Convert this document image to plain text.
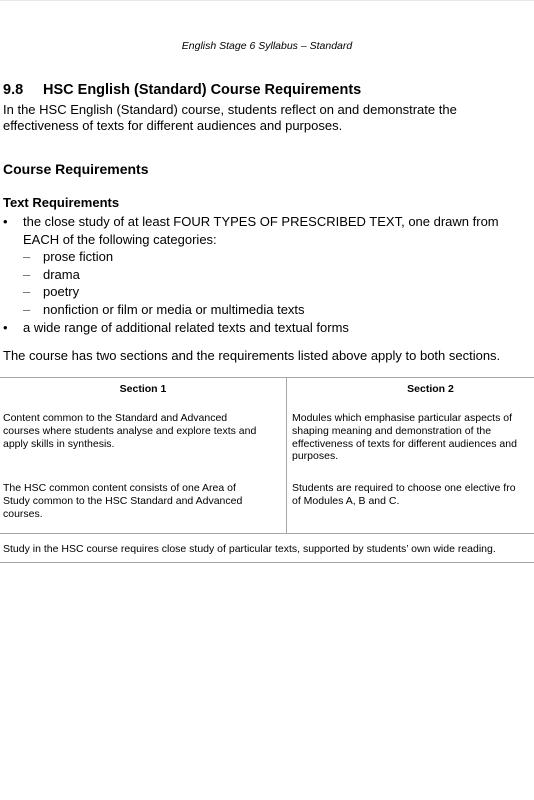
English Stage 6 Syllabus – Standard
9.8 HSC English (Standard) Course Requirements
In the HSC English (Standard) course, students reflect on and demonstrate the
effectiveness of texts for different audiences and purposes.
Course Requirements
Text Requirements
• the close study of at least FOUR TYPES OF PRESCRIBED TEXT, one drawn from
EACH of the following categories:
– prose fiction
– drama
– poetry
– nonfiction or film or media or multimedia texts
• a wide range of additional related texts and textual forms
The course has two sections and the requirements listed above apply to both sections.
Section 1	Section 2
Content common to the Standard and Advanced
courses where students analyse and explore texts and
apply skills in synthesis.
Modules which emphasise particular aspects of
shaping meaning and demonstration of the
effectiveness of texts for different audiences and
purposes.
The HSC common content consists of one Area of
Study common to the HSC Standard and Advanced
courses.
Students are required to choose one elective fro
of Modules A, B and C.
Study in the HSC course requires close study of particular texts, supported by students’ own wide reading.
